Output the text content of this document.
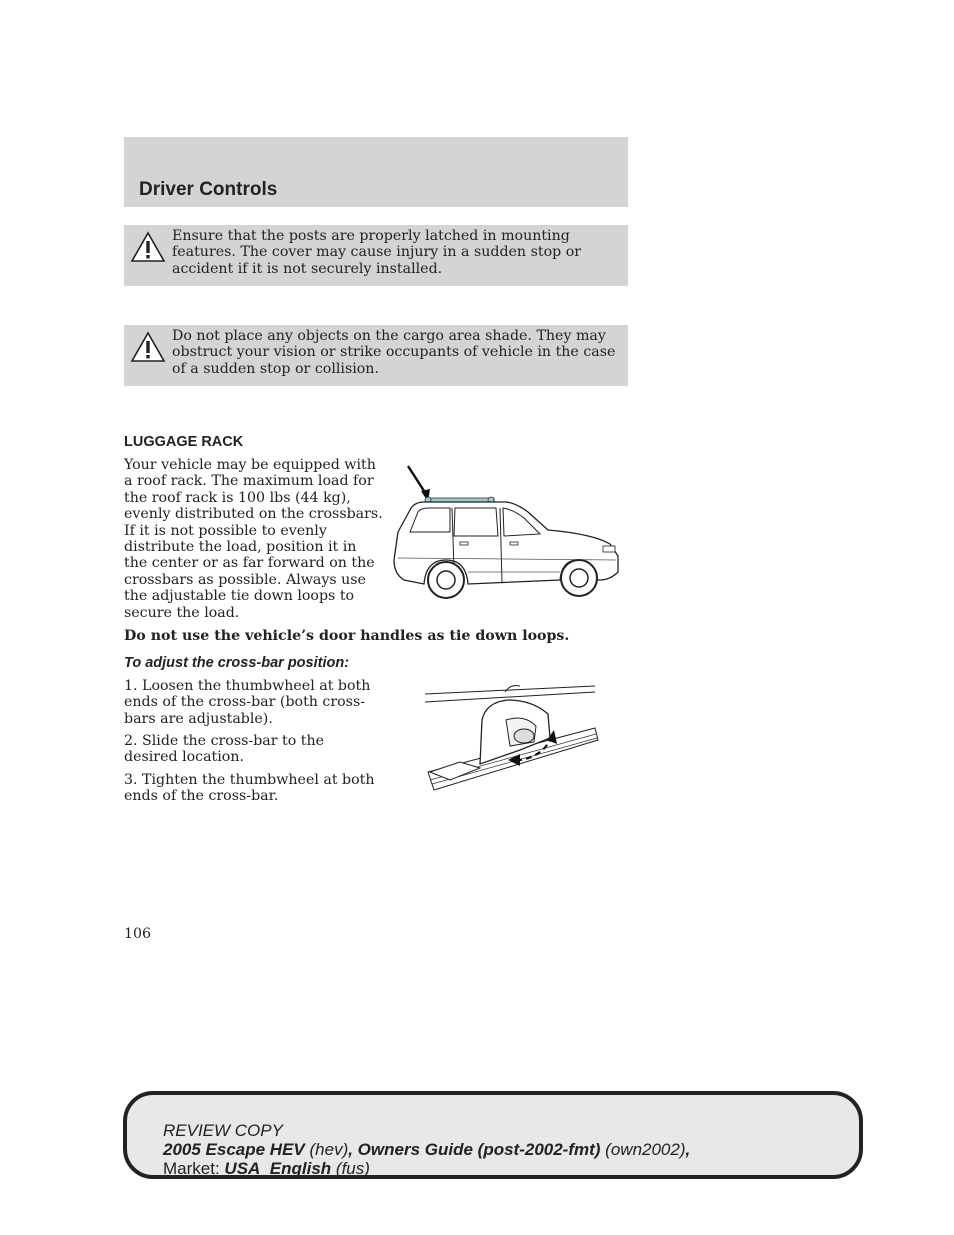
Driver Controls
Ensure that the posts are properly latched in mounting features. The cover may cause injury in a sudden stop or accident if it is not securely installed.
Do not place any objects on the cargo area shade. They may obstruct your vision or strike occupants of vehicle in the case of a sudden stop or collision.
LUGGAGE RACK
Your vehicle may be equipped with a roof rack. The maximum load for the roof rack is 100 lbs (44 kg), evenly distributed on the crossbars. If it is not possible to evenly distribute the load, position it in the center or as far forward on the crossbars as possible. Always use the adjustable tie down loops to secure the load.
Do not use the vehicle’s door handles as tie down loops.
To adjust the cross-bar position:
1. Loosen the thumbwheel at both ends of the cross-bar (both cross-bars are adjustable).
2. Slide the cross-bar to the desired location.
3. Tighten the thumbwheel at both ends of the cross-bar.
106
REVIEW COPY
2005 Escape HEV (hev), Owners Guide (post-2002-fmt) (own2002),
Market: USA_English (fus)
